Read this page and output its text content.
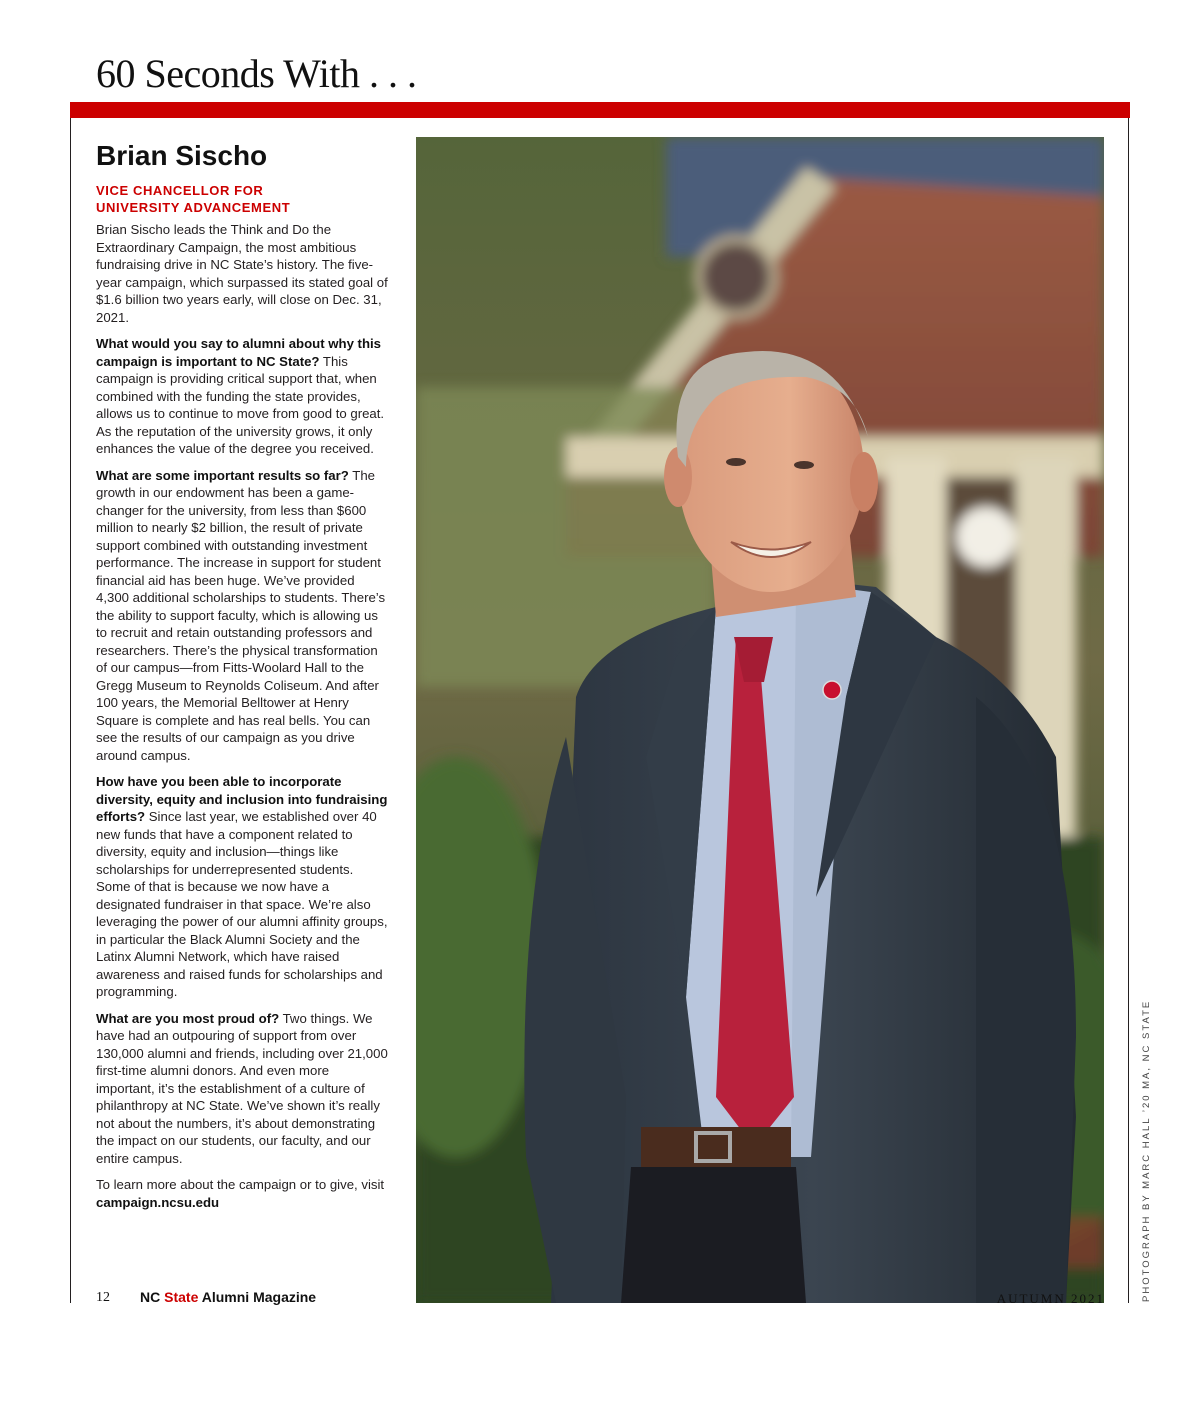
60 Seconds With . . .
Brian Sischo
VICE CHANCELLOR FOR
UNIVERSITY ADVANCEMENT

Brian Sischo leads the Think and Do the Extraordinary Campaign, the most ambitious fundraising drive in NC State’s history. The five-year campaign, which surpassed its stated goal of $1.6 billion two years early, will close on Dec. 31, 2021.

What would you say to alumni about why this campaign is important to NC State? This campaign is providing critical support that, when combined with the funding the state provides, allows us to continue to move from good to great. As the reputation of the university grows, it only enhances the value of the degree you received.

What are some important results so far? The growth in our endowment has been a game-changer for the university, from less than $600 million to nearly $2 billion, the result of private support combined with outstanding investment performance. The increase in support for student financial aid has been huge. We’ve provided 4,300 additional scholarships to students. There’s the ability to support faculty, which is allowing us to recruit and retain outstanding professors and researchers. There’s the physical transformation of our campus—from Fitts-Woolard Hall to the Gregg Museum to Reynolds Coliseum. And after 100 years, the Memorial Belltower at Henry Square is complete and has real bells. You can see the results of our campaign as you drive around campus.

How have you been able to incorporate diversity, equity and inclusion into fundraising efforts? Since last year, we established over 40 new funds that have a component related to diversity, equity and inclusion—things like scholarships for underrepresented students. Some of that is because we now have a designated fundraiser in that space. We’re also leveraging the power of our alumni affinity groups, in particular the Black Alumni Society and the Latinx Alumni Network, which have raised awareness and raised funds for scholarships and programming.

What are you most proud of? Two things. We have had an outpouring of support from over 130,000 alumni and friends, including over 21,000 first-time alumni donors. And even more important, it’s the establishment of a culture of philanthropy at NC State. We’ve shown it’s really not about the numbers, it’s about demonstrating the impact on our students, our faculty, and our entire campus.

To learn more about the campaign or to give, visit campaign.ncsu.edu	PHOTOGRAPH BY MARC HALL ’20 MA, NC STATE
12 NC State Alumni Magazine	AUTUMN 2021
